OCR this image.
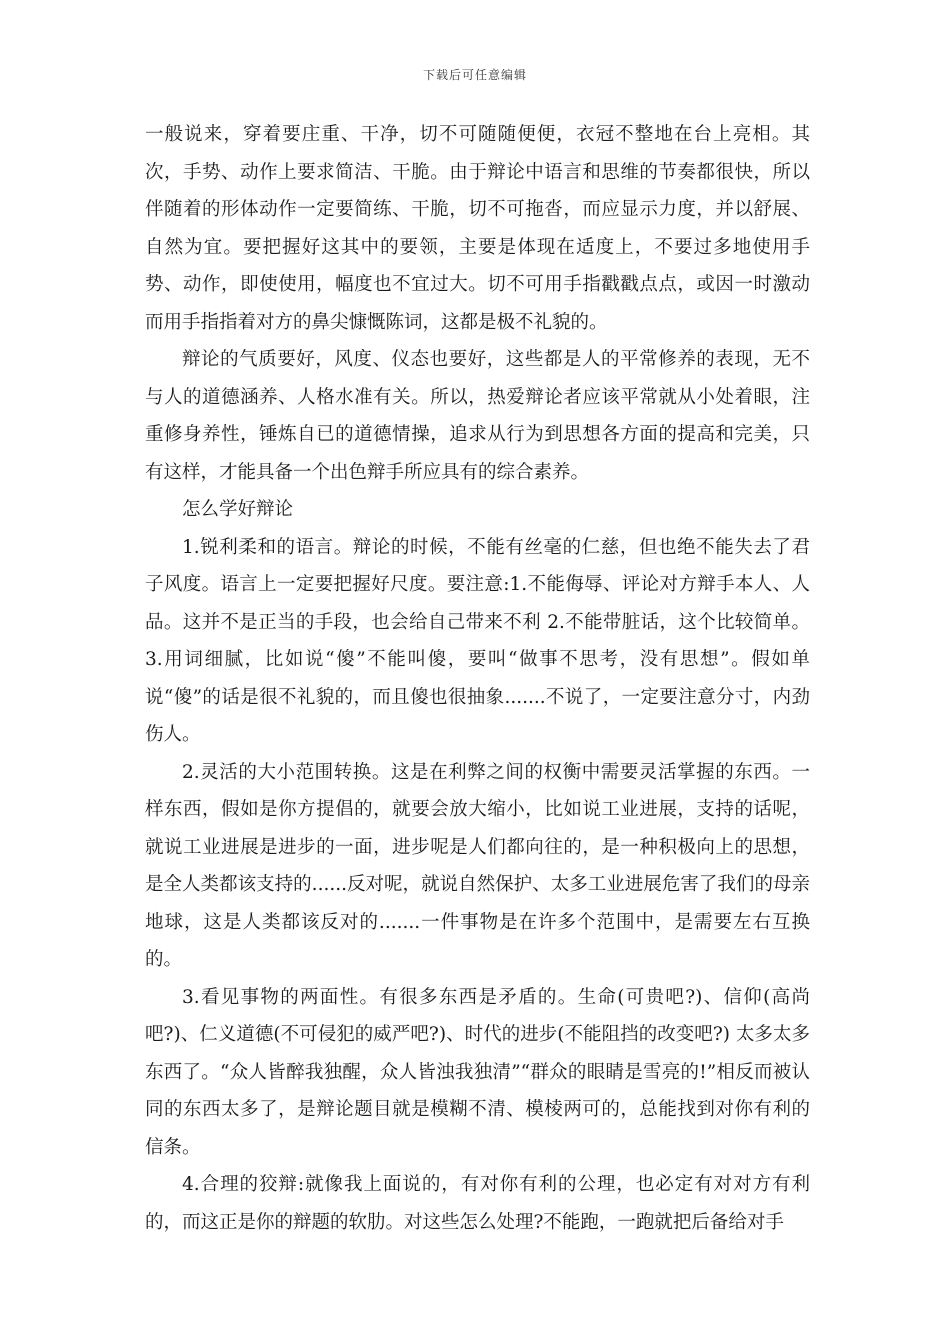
下载后可任意编辑

一般说来，穿着要庄重、干净，切不可随随便便，衣冠不整地在台上亮相。其次，手势、动作上要求简洁、干脆。由于辩论中语言和思维的节奏都很快，所以伴随着的形体动作一定要简练、干脆，切不可拖沓，而应显示力度，并以舒展、自然为宜。要把握好这其中的要领，主要是体现在适度上，不要过多地使用手势、动作，即使使用，幅度也不宜过大。切不可用手指戳戳点点，或因一时激动而用手指指着对方的鼻尖慷慨陈词，这都是极不礼貌的。

辩论的气质要好，风度、仪态也要好，这些都是人的平常修养的表现，无不与人的道德涵养、人格水准有关。所以，热爱辩论者应该平常就从小处着眼，注重修身养性，锤炼自已的道德情操，追求从行为到思想各方面的提高和完美，只有这样，才能具备一个出色辩手所应具有的综合素养。

怎么学好辩论

1.锐利柔和的语言。辩论的时候，不能有丝毫的仁慈，但也绝不能失去了君子风度。语言上一定要把握好尺度。要注意:1.不能侮辱、评论对方辩手本人、人品。这并不是正当的手段，也会给自己带来不利 2.不能带脏话，这个比较简单。3.用词细腻，比如说“傻”不能叫傻，要叫“做事不思考，没有思想”。假如单说“傻”的话是很不礼貌的，而且傻也很抽象.......不说了，一定要注意分寸，内劲伤人。

2.灵活的大小范围转换。这是在利弊之间的权衡中需要灵活掌握的东西。一样东西，假如是你方提倡的，就要会放大缩小，比如说工业进展，支持的话呢，就说工业进展是进步的一面，进步呢是人们都向往的，是一种积极向上的思想，是全人类都该支持的......反对呢，就说自然保护、太多工业进展危害了我们的母亲地球，这是人类都该反对的.......一件事物是在许多个范围中，是需要左右互换的。

3.看见事物的两面性。有很多东西是矛盾的。生命(可贵吧?)、信仰(高尚吧?)、仁义道德(不可侵犯的威严吧?)、时代的进步(不能阻挡的改变吧?) 太多太多东西了。“众人皆醉我独醒，众人皆浊我独清”“群众的眼睛是雪亮的!”相反而被认同的东西太多了，是辩论题目就是模糊不清、模棱两可的，总能找到对你有利的信条。

4.合理的狡辩:就像我上面说的，有对你有利的公理，也必定有对对方有利的，而这正是你的辩题的软肋。对这些怎么处理?不能跑，一跑就把后备给对手
